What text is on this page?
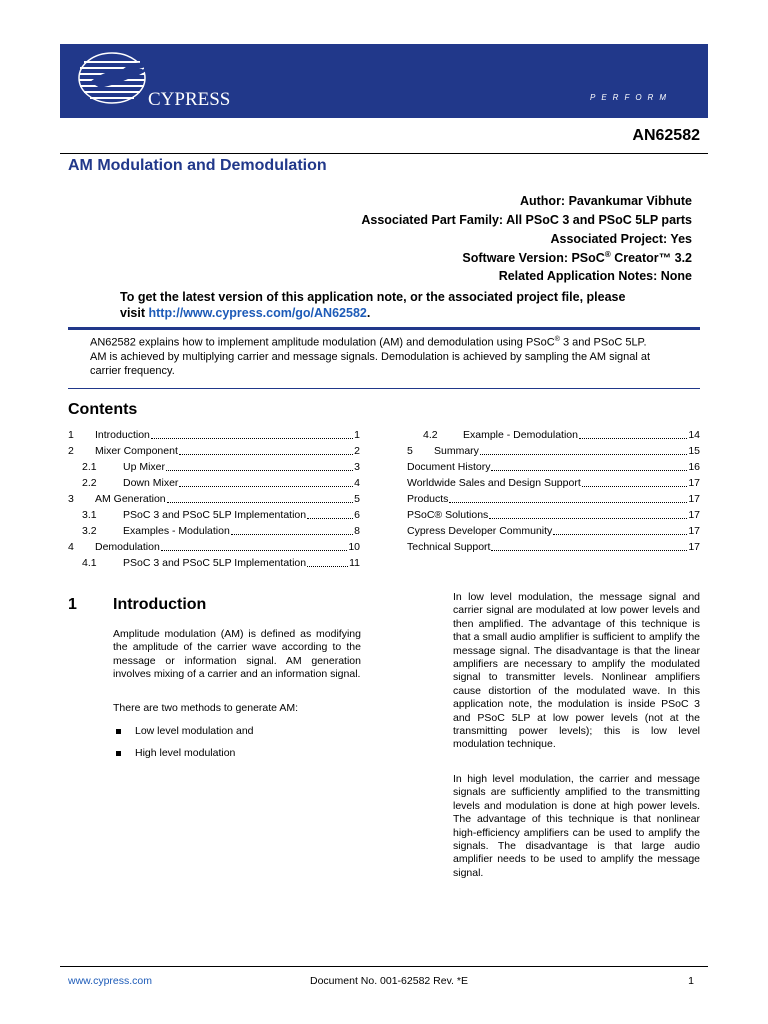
PERFORM
CYPRESS
AN62582
AM Modulation and Demodulation
Author: Pavankumar Vibhute
Associated Part Family: All PSoC 3 and PSoC 5LP parts
Associated Project: Yes
Software Version: PSoC® Creator™ 3.2
Related Application Notes: None
To get the latest version of this application note, or the associated project file, please
visit http://www.cypress.com/go/AN62582.
AN62582 explains how to implement amplitude modulation (AM) and demodulation using PSoC® 3 and PSoC 5LP.
AM is achieved by multiplying carrier and message signals. Demodulation is achieved by sampling the AM signal at
carrier frequency.
Contents
1 Introduction	1
2 Mixer Component	2
2.1	Up Mixer	3
2.2	Down Mixer	4
3 AM Generation	5
3.1	PSoC 3 and PSoC 5LP Implementation	6
3.2	Examples - Modulation	8
4 Demodulation	10
4.1	PSoC 3 and PSoC 5LP Implementation	11
4.2 Example - Demodulation	14
5 Summary	15
Document History	16
Worldwide Sales and Design Support	17
Products	17
PSoC® Solutions	17
Cypress Developer Community	17
Technical Support	17
1 Introduction
Amplitude modulation (AM) is defined as modifying the amplitude of the carrier wave according to the message or information signal. AM generation involves mixing of a carrier and an information signal.
There are two methods to generate AM:
Low level modulation and
High level modulation
In low level modulation, the message signal and carrier signal are modulated at low power levels and then amplified. The advantage of this technique is that a small audio amplifier is sufficient to amplify the message signal. The disadvantage is that the linear amplifiers are necessary to amplify the modulated signal to transmitter levels. Nonlinear amplifiers cause distortion of the modulated wave. In this application note, the modulation is inside PSoC 3 and PSoC 5LP at low power levels (not at the transmitting power levels); this is low level modulation technique.
In high level modulation, the carrier and message signals are sufficiently amplified to the transmitting levels and modulation is done at high power levels. The advantage of this technique is that nonlinear high-efficiency amplifiers can be used to amplify the signals. The disadvantage is that large audio amplifier needs to be used to amplify the message signal.
www.cypress.com	Document No. 001-62582 Rev. *E	1
